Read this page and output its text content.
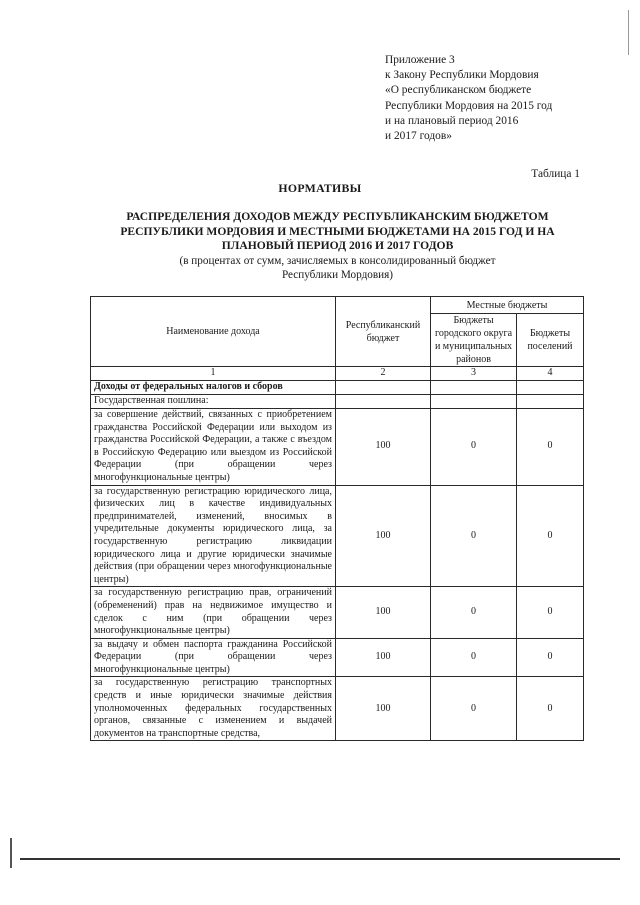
Приложение 3
к Закону Республики Мордовия
«О республиканском бюджете
Республики Мордовия на 2015 год
и на плановый период 2016
и 2017 годов»
Таблица 1
НОРМАТИВЫ
РАСПРЕДЕЛЕНИЯ ДОХОДОВ МЕЖДУ РЕСПУБЛИКАНСКИМ БЮДЖЕТОМ
РЕСПУБЛИКИ МОРДОВИЯ И МЕСТНЫМИ БЮДЖЕТАМИ НА 2015 ГОД И НА
ПЛАНОВЫЙ ПЕРИОД 2016 И 2017 ГОДОВ
(в процентах от сумм, зачисляемых в консолидированный бюджет
Республики Мордовия)
Наименование дохода	Республиканский бюджет	Местные бюджеты	
		Бюджеты городского округа и муниципальных районов	Бюджеты поселений
1	2	3	4
Доходы от федеральных налогов и сборов			
Государственная пошлина:			
за совершение действий, связанных с приобретением гражданства Российской Федерации или выходом из гражданства Российской Федерации, а также с въездом в Российскую Федерацию или выездом из Российской Федерации (при обращении через многофункциональные центры)	100	0	0
за государственную регистрацию юридического лица, физических лиц в качестве индивидуальных предпринимателей, изменений, вносимых в учредительные документы юридического лица, за государственную регистрацию ликвидации юридического лица и другие юридически значимые действия (при обращении через многофункциональные центры)	100	0	0
за государственную регистрацию прав, ограничений (обременений) прав на недвижимое имущество и сделок с ним (при обращении через многофункциональные центры)	100	0	0
за выдачу и обмен паспорта гражданина Российской Федерации (при обращении через многофункциональные центры)	100	0	0
за государственную регистрацию транспортных средств и иные юридически значимые действия уполномоченных федеральных государственных органов, связанные с изменением и выдачей документов на транспортные средства,	100	0	0
